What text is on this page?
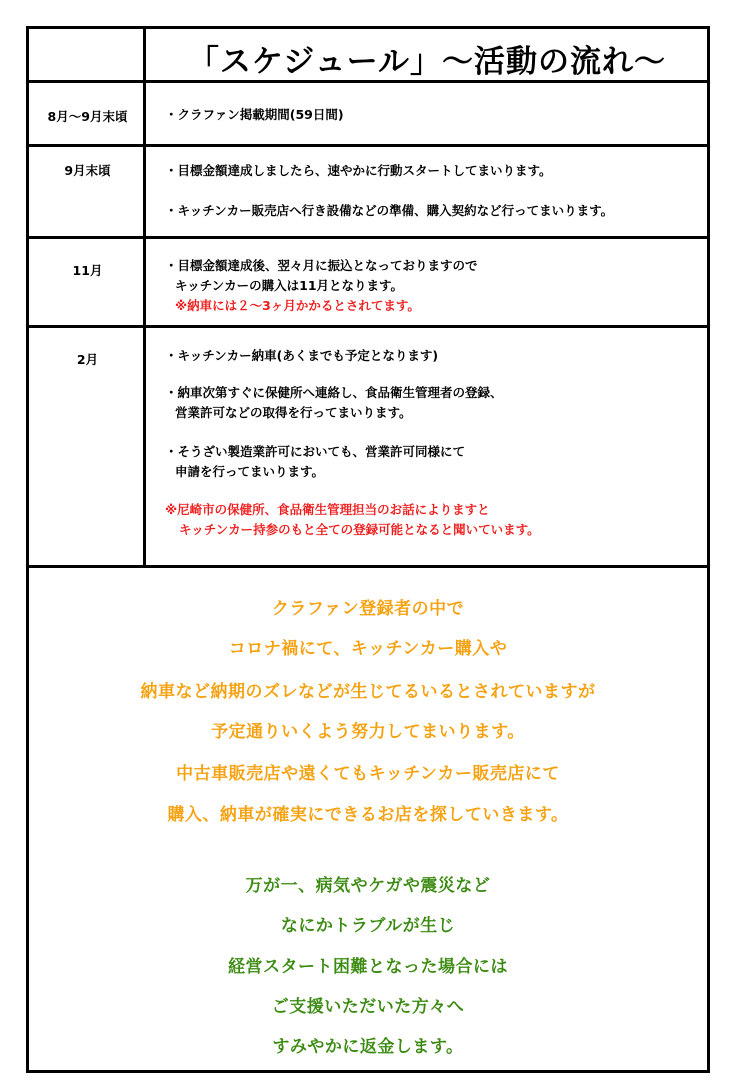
「スケジュール」～活動の流れ～
8月～9月末頃	・クラファン掲載期間(59日間)
9月末頃	・目標金額達成しましたら、速やかに行動スタートしてまいります。
・キッチンカー販売店へ行き設備などの準備、購入契約など行ってまいります。
11月	・目標金額達成後、翌々月に振込となっておりますので
キッチンカーの購入は11月となります。
※納車には２～3ヶ月かかるとされてます。
2月	・キッチンカー納車(あくまでも予定となります)
・納車次第すぐに保健所へ連絡し、食品衛生管理者の登録、
営業許可などの取得を行ってまいります。
・そうざい製造業許可においても、営業許可同様にて
申請を行ってまいります。
※尼崎市の保健所、食品衛生管理担当のお話によりますと
キッチンカー持参のもと全ての登録可能となると聞いています。
クラファン登録者の中で
コロナ禍にて、キッチンカー購入や
納車など納期のズレなどが生じてるいるとされていますが
予定通りいくよう努力してまいります。
中古車販売店や遠くてもキッチンカー販売店にて
購入、納車が確実にできるお店を探していきます。
万が一、病気やケガや震災など
なにかトラブルが生じ
経営スタート困難となった場合には
ご支援いただいた方々へ
すみやかに返金します。
